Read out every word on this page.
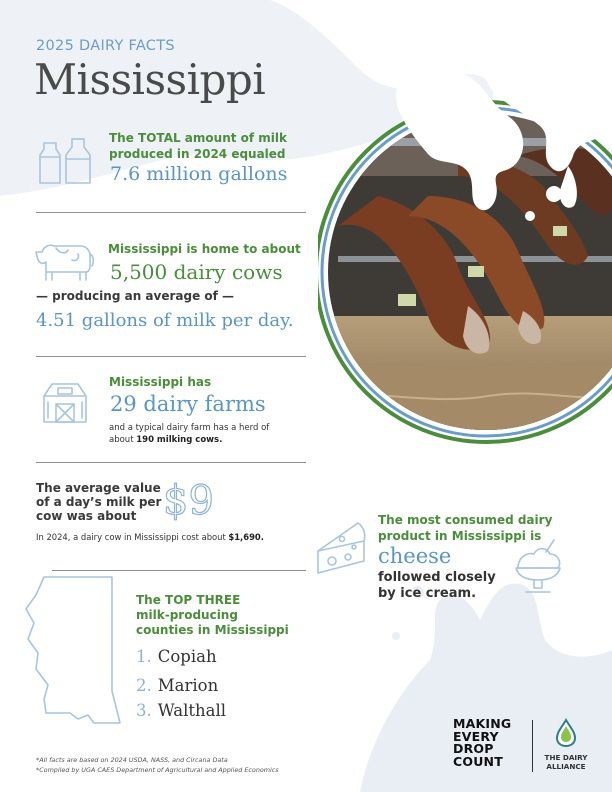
2025 DAIRY FACTS
Mississippi
The TOTAL amount of milk
produced in 2024 equaled
7.6 million gallons
Mississippi is home to about
5,500 dairy cows
— producing an average of —
4.51 gallons of milk per day.
Mississippi has
29 dairy farms
and a typical dairy farm has a herd of
about 190 milking cows.
The average value
of a day’s milk per
cow was about $9
In 2024, a dairy cow in Mississippi cost about $1,690.
The most consumed dairy
product in Mississippi is
cheese
followed closely
by ice cream.
The TOP THREE
milk-producing
counties in Mississippi
1. Copiah
2. Marion
3. Walthall
*All facts are based on 2024 USDA, NASS, and Circana Data
*Compiled by UGA CAES Department of Agricultural and Applied Economics
MAKING
EVERY
DROP
COUNT	THE DAIRY
ALLIANCE
